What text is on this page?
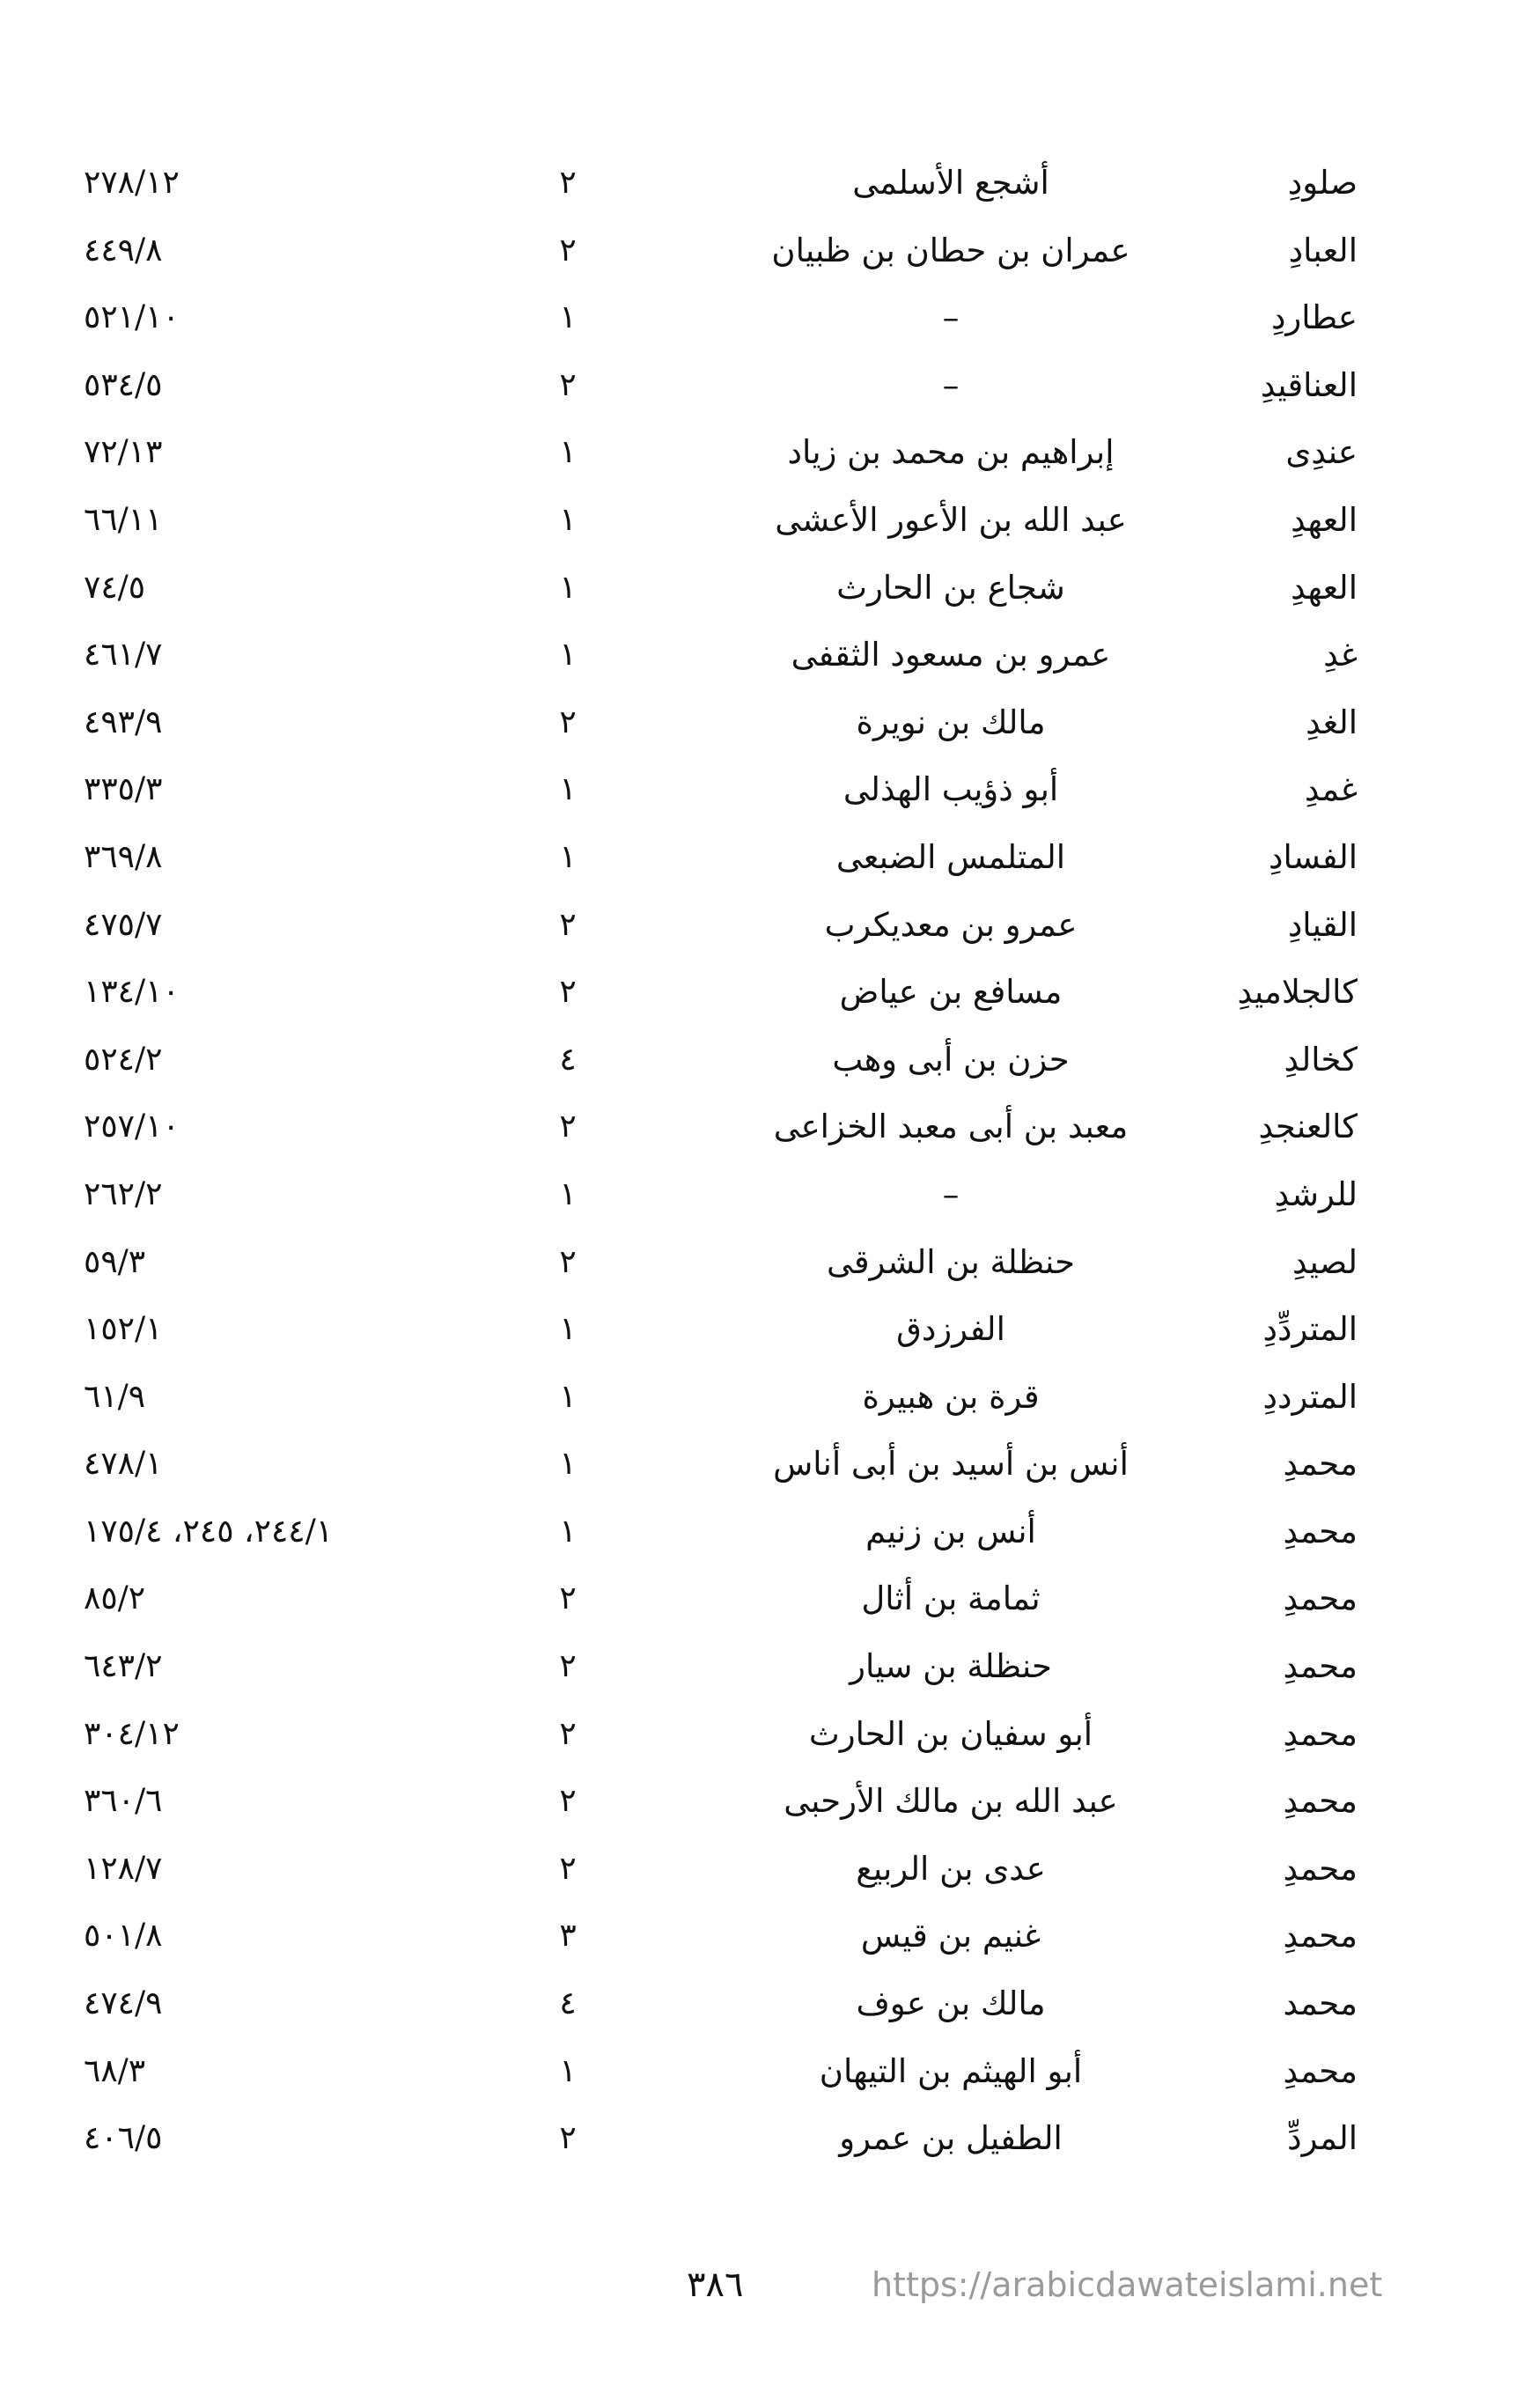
صلودِ
أشجع الأسلمى
٢
٢٧٨/١٢
العبادِ
عمران بن حطان بن ظبيان
٢
٤٤٩/٨
عطاردِ
–
١
٥٢١/١٠
العناقيدِ
–
٢
٥٣٤/٥
عندِى
إبراهيم بن محمد بن زياد
١
٧٢/١٣
العهدِ
عبد الله بن الأعور الأعشى
١
٦٦/١١
العهدِ
شجاع بن الحارث
١
٧٤/٥
غدِ
عمرو بن مسعود الثقفى
١
٤٦١/٧
الغدِ
مالك بن نويرة
٢
٤٩٣/٩
غمدِ
أبو ذؤيب الهذلى
١
٣٣٥/٣
الفسادِ
المتلمس الضبعى
١
٣٦٩/٨
القيادِ
عمرو بن معديكرب
٢
٤٧٥/٧
كالجلاميدِ
مسافع بن عياض
٢
١٣٤/١٠
كخالدِ
حزن بن أبى وهب
٤
٥٢٤/٢
كالعنجدِ
معبد بن أبى معبد الخزاعى
٢
٢٥٧/١٠
للرشدِ
–
١
٢٦٢/٢
لصيدِ
حنظلة بن الشرقى
٢
٥٩/٣
المتردِّدِ
الفرزدق
١
١٥٢/١
المترددِ
قرة بن هبيرة
١
٦١/٩
محمدِ
أنس بن أسيد بن أبى أناس
١
٤٧٨/١
محمدِ
أنس بن زنيم
١
٢٤٤/١، ٢٤٥، ١٧٥/٤
محمدِ
ثمامة بن أثال
٢
٨٥/٢
محمدِ
حنظلة بن سيار
٢
٦٤٣/٢
محمدِ
أبو سفيان بن الحارث
٢
٣٠٤/١٢
محمدِ
عبد الله بن مالك الأرحبى
٢
٣٦٠/٦
محمدِ
عدى بن الربيع
٢
١٢٨/٧
محمدِ
غنيم بن قيس
٣
٥٠١/٨
محمد
مالك بن عوف
٤
٤٧٤/٩
محمدِ
أبو الهيثم بن التيهان
١
٦٨/٣
المردِّ
الطفيل بن عمرو
٢
٤٠٦/٥
٣٨٦	https://arabicdawateislami.net
